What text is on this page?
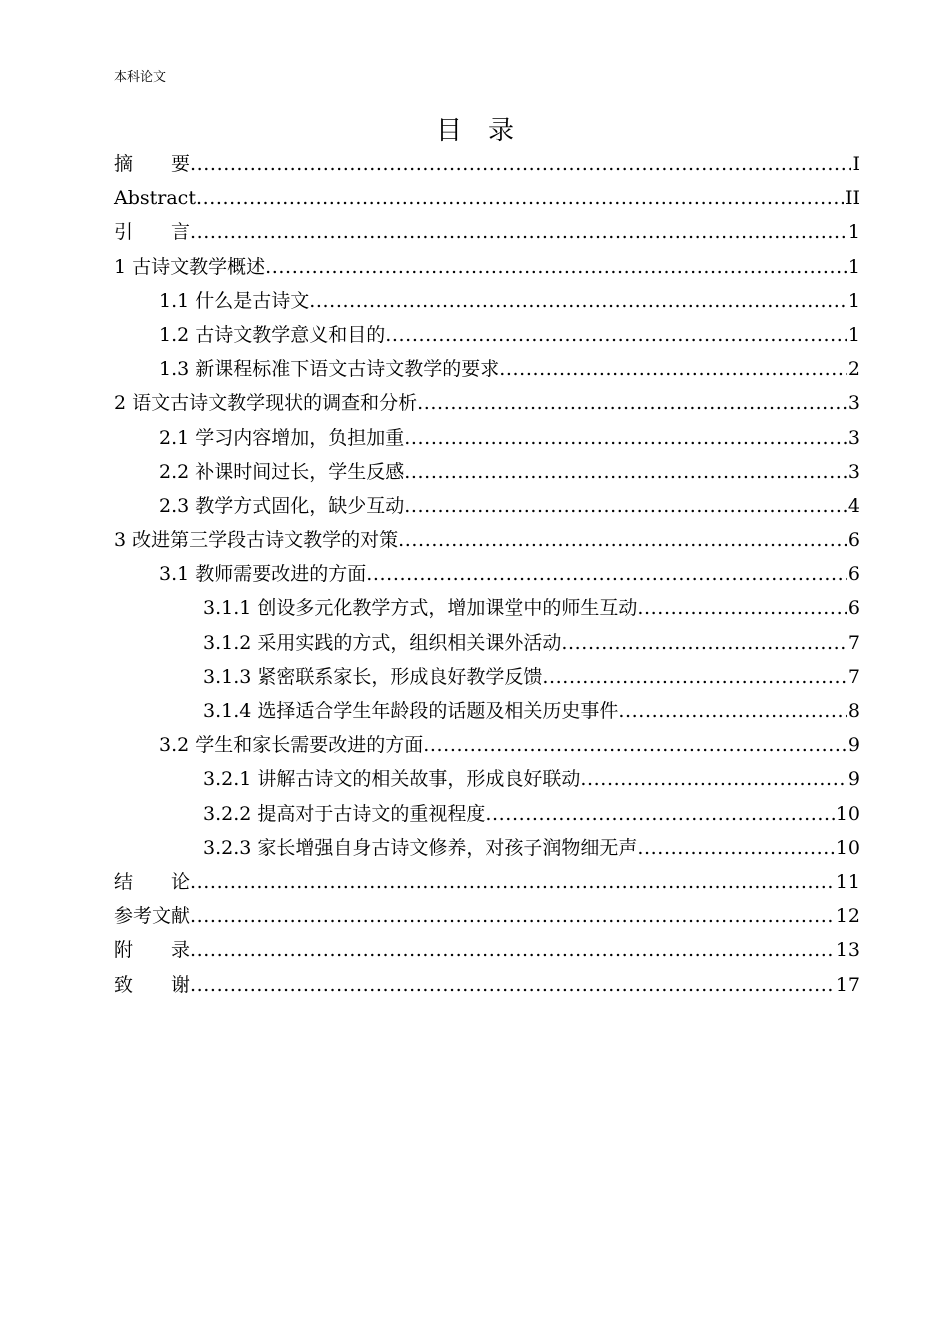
本科论文
目　录
摘　　要 .....	I
Abstract .....	II
引　　言 .....	1
1 古诗文教学概述 .....	1
1.1 什么是古诗文 .....	1
1.2 古诗文教学意义和目的 .....	1
1.3 新课程标准下语文古诗文教学的要求 .....	2
2 语文古诗文教学现状的调查和分析 .....	3
2.1 学习内容增加，负担加重 .....	3
2.2 补课时间过长，学生反感 .....	3
2.3 教学方式固化，缺少互动 .....	4
3 改进第三学段古诗文教学的对策 .....	6
3.1 教师需要改进的方面 .....	6
3.1.1 创设多元化教学方式，增加课堂中的师生互动 .....	6
3.1.2 采用实践的方式，组织相关课外活动 .....	7
3.1.3 紧密联系家长，形成良好教学反馈 .....	7
3.1.4 选择适合学生年龄段的话题及相关历史事件 .....	8
3.2 学生和家长需要改进的方面 .....	9
3.2.1 讲解古诗文的相关故事，形成良好联动 .....	9
3.2.2 提高对于古诗文的重视程度 .....	10
3.2.3 家长增强自身古诗文修养，对孩子润物细无声 .....	10
结　　论 .....	11
参考文献 .....	12
附　　录 .....	13
致　　谢 .....	17
